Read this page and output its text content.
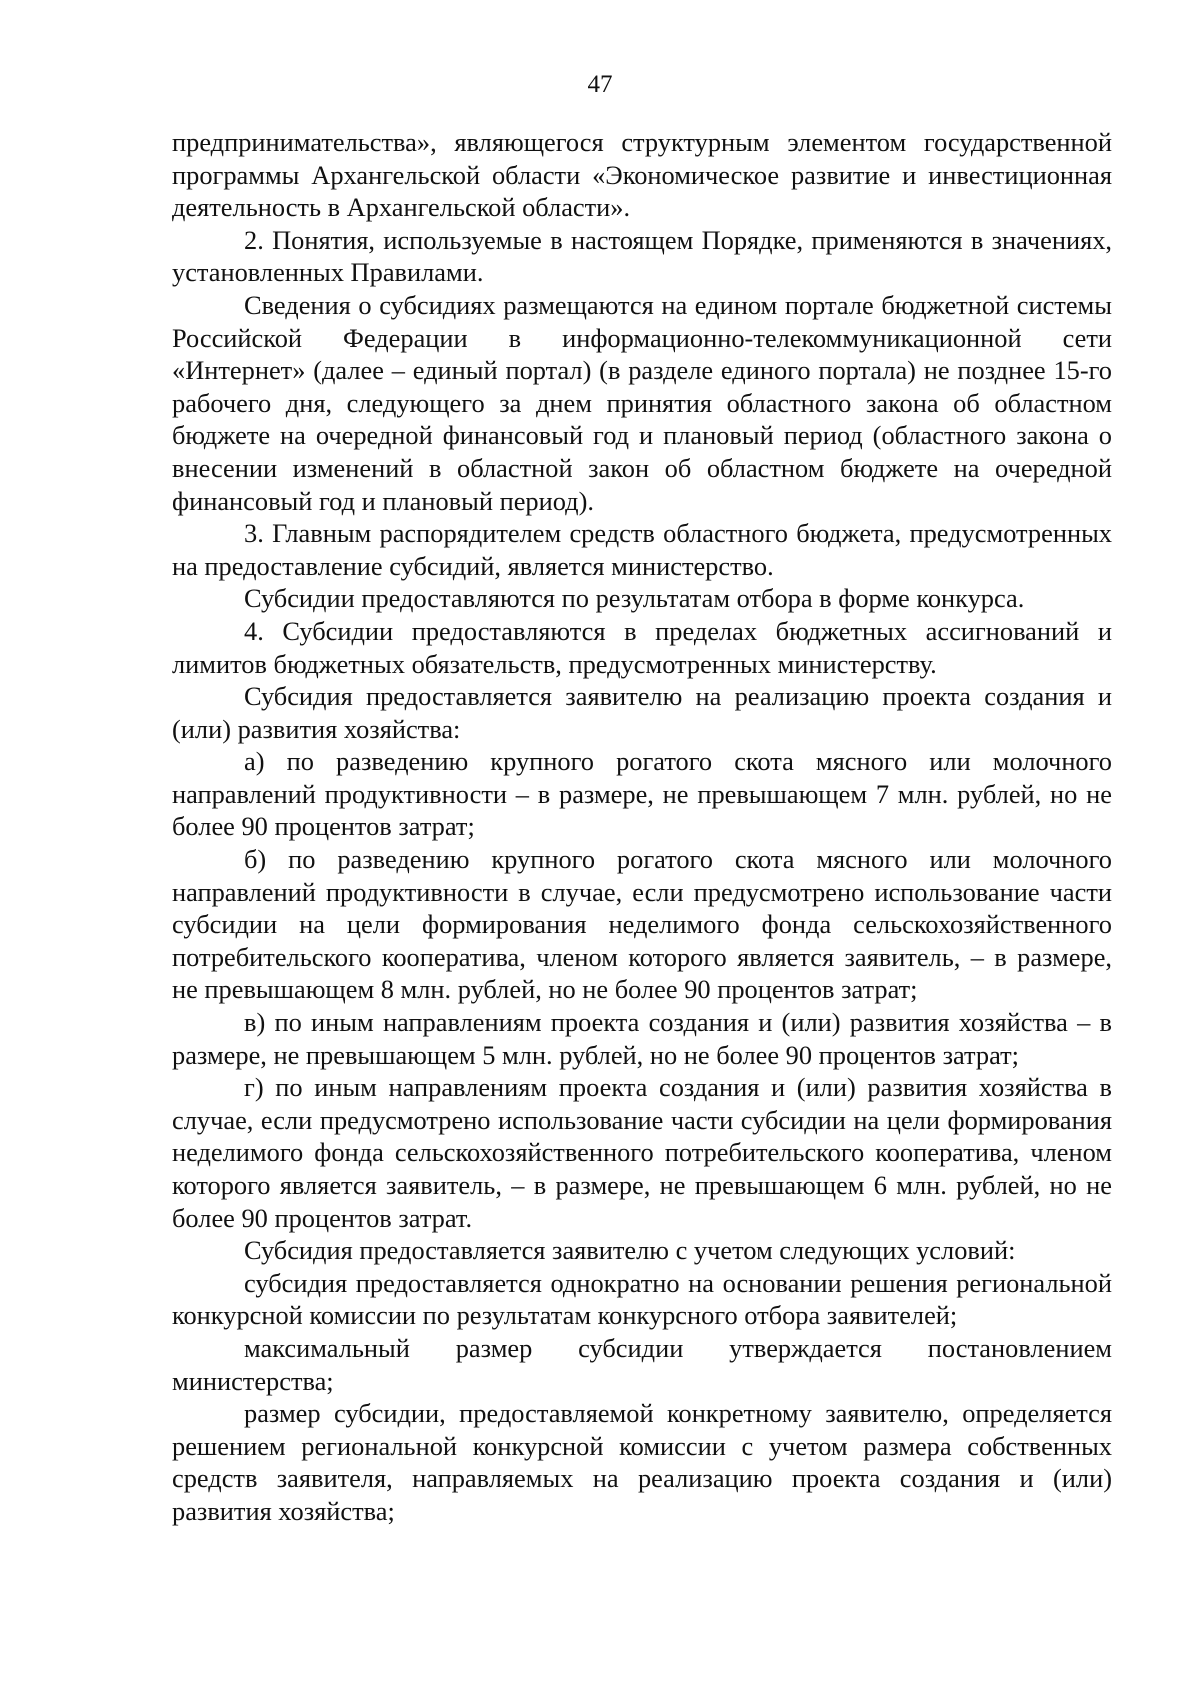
47

предпринимательства», являющегося структурным элементом государственной программы Архангельской области «Экономическое развитие и инвестиционная деятельность в Архангельской области».

2. Понятия, используемые в настоящем Порядке, применяются в значениях, установленных Правилами.

Сведения о субсидиях размещаются на едином портале бюджетной системы Российской Федерации в информационно-телекоммуникационной сети «Интернет» (далее – единый портал) (в разделе единого портала) не позднее 15-го рабочего дня, следующего за днем принятия областного закона об областном бюджете на очередной финансовый год и плановый период (областного закона о внесении изменений в областной закон об областном бюджете на очередной финансовый год и плановый период).

3. Главным распорядителем средств областного бюджета, предусмотренных на предоставление субсидий, является министерство.

Субсидии предоставляются по результатам отбора в форме конкурса.

4. Субсидии предоставляются в пределах бюджетных ассигнований и лимитов бюджетных обязательств, предусмотренных министерству.

Субсидия предоставляется заявителю на реализацию проекта создания и (или) развития хозяйства:

а) по разведению крупного рогатого скота мясного или молочного направлений продуктивности – в размере, не превышающем 7 млн. рублей, но не более 90 процентов затрат;

б) по разведению крупного рогатого скота мясного или молочного направлений продуктивности в случае, если предусмотрено использование части субсидии на цели формирования неделимого фонда сельскохозяйственного потребительского кооператива, членом которого является заявитель, – в размере, не превышающем 8 млн. рублей, но не более 90 процентов затрат;

в) по иным направлениям проекта создания и (или) развития хозяйства – в размере, не превышающем 5 млн. рублей, но не более 90 процентов затрат;

г) по иным направлениям проекта создания и (или) развития хозяйства в случае, если предусмотрено использование части субсидии на цели формирования неделимого фонда сельскохозяйственного потребительского кооператива, членом которого является заявитель, – в размере, не превышающем 6 млн. рублей, но не более 90 процентов затрат.

Субсидия предоставляется заявителю с учетом следующих условий:

субсидия предоставляется однократно на основании решения региональной конкурсной комиссии по результатам конкурсного отбора заявителей;

максимальный размер субсидии утверждается постановлением министерства;

размер субсидии, предоставляемой конкретному заявителю, определяется решением региональной конкурсной комиссии с учетом размера собственных средств заявителя, направляемых на реализацию проекта создания и (или) развития хозяйства;
